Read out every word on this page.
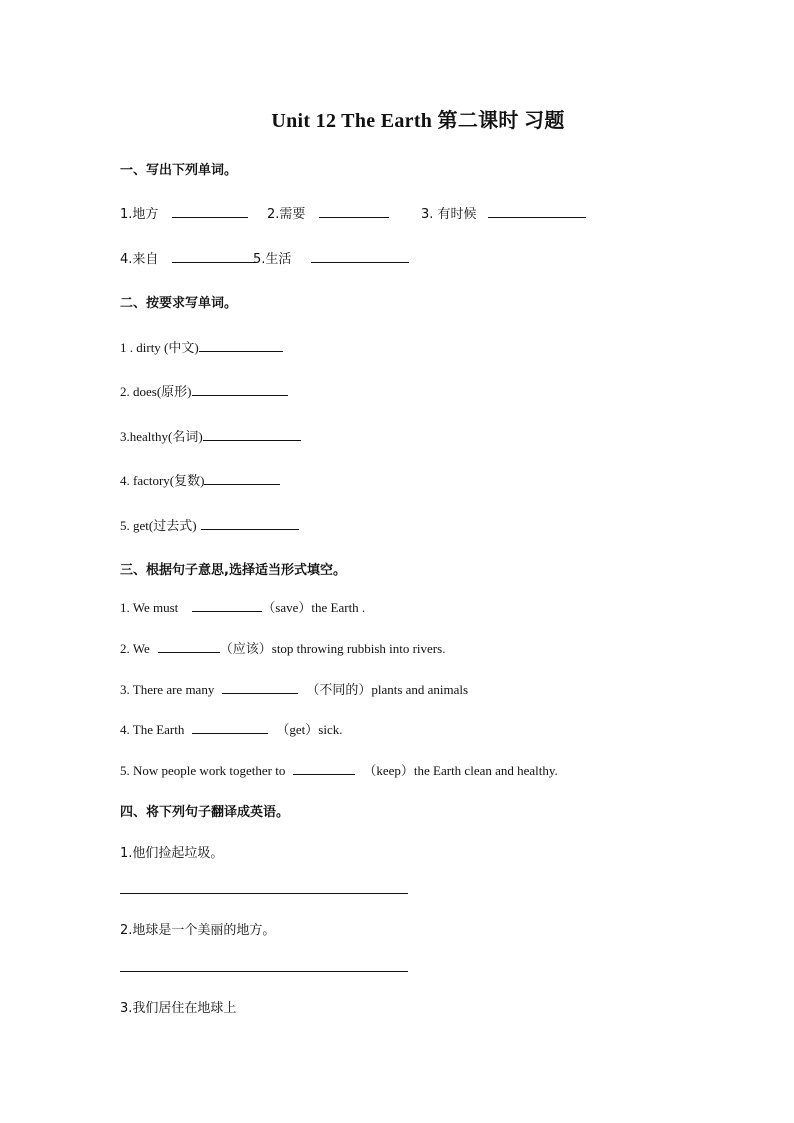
Unit 12 The Earth 第二课时 习题
一、写出下列单词。
1.地方	2.需要	3. 有时候
4.来自	5.生活
二、按要求写单词。
1 . dirty (中文)
2. does(原形)
3.healthy(名词)
4. factory(复数)
5. get(过去式)
三、根据句子意思,选择适当形式填空。
1. We must	（save）the Earth .
2. We	（应该）stop throwing rubbish into rivers.
3. There are many	（不同的）plants and animals
4. The Earth	（get）sick.
5. Now people work together to	（keep）the Earth clean and healthy.
四、将下列句子翻译成英语。
1.他们捡起垃圾。
2.地球是一个美丽的地方。
3.我们居住在地球上
